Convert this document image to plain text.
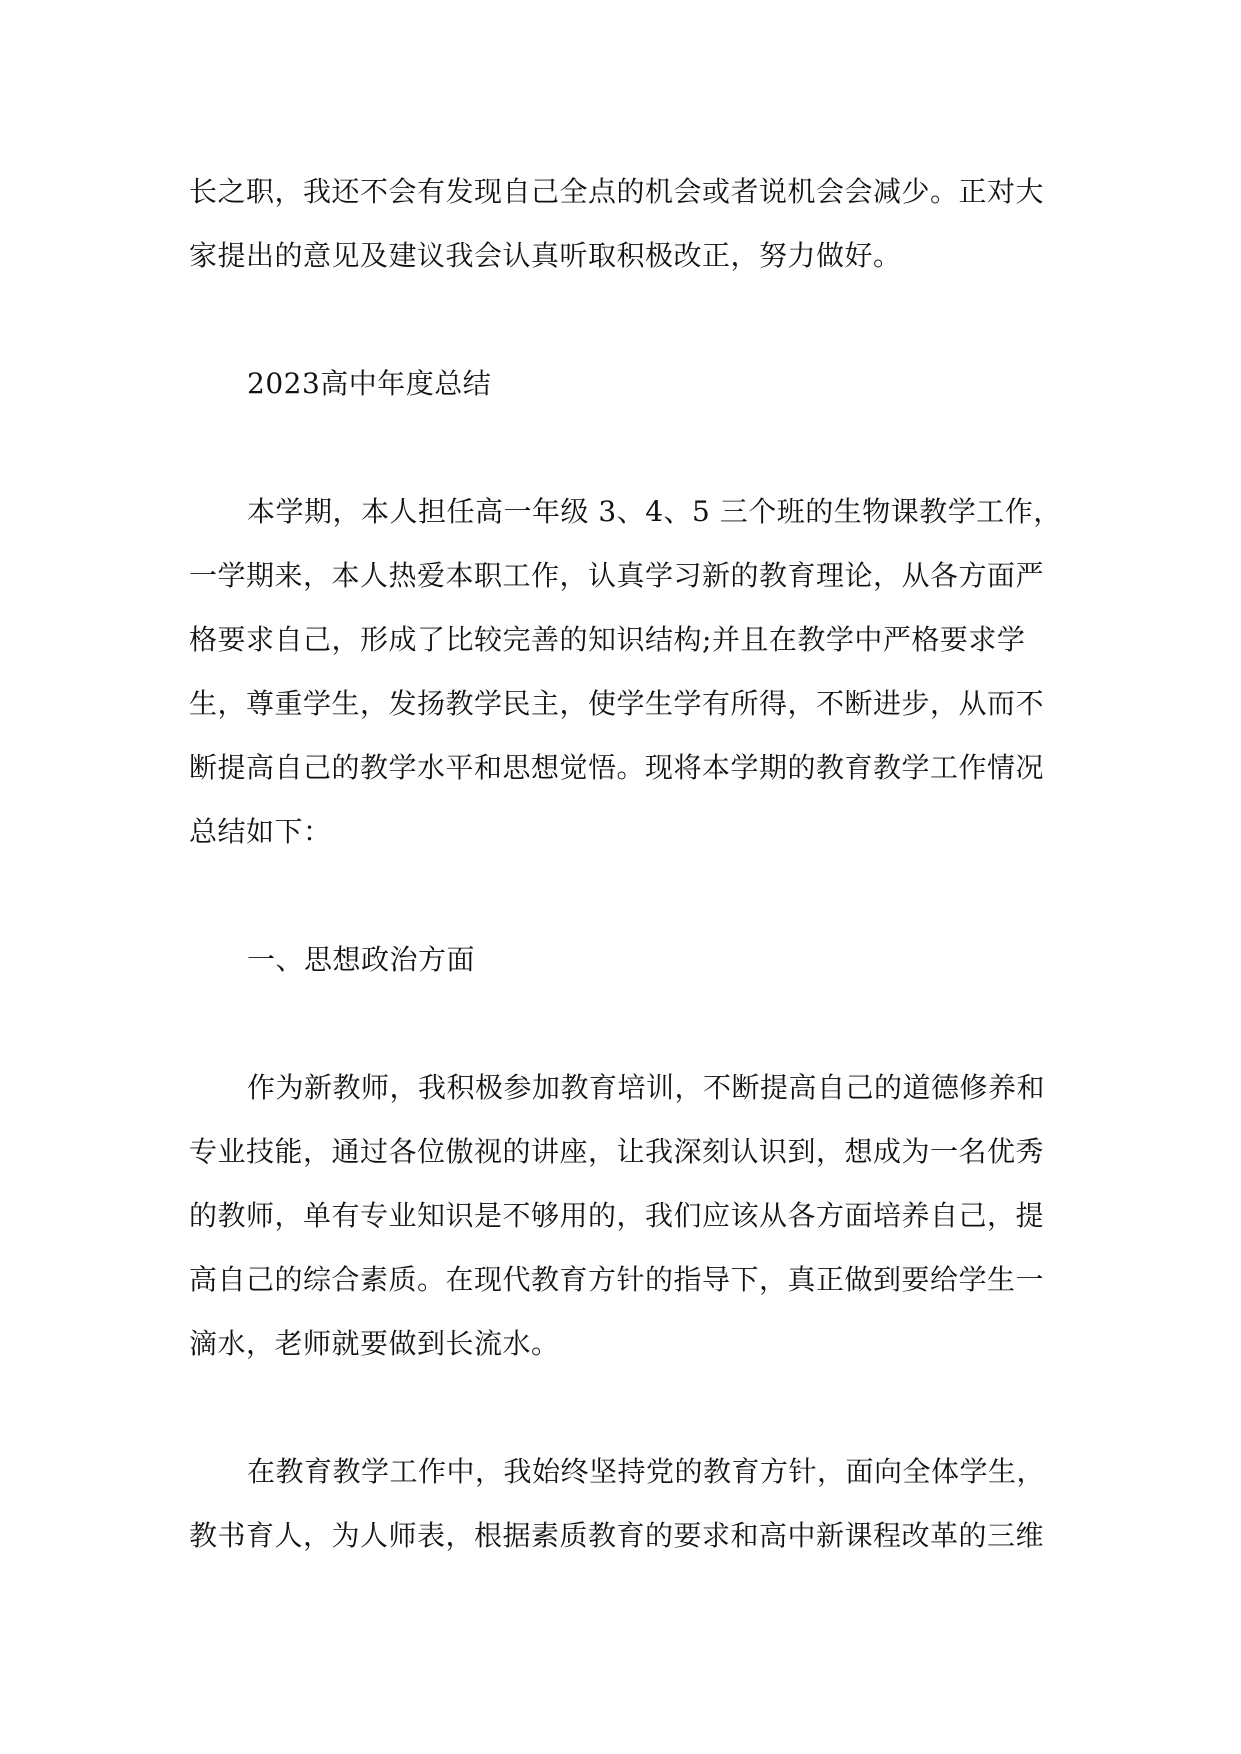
长之职，我还不会有发现自己全点的机会或者说机会会减少。正对大
家提出的意见及建议我会认真听取积极改正，努力做好。
2023高中年度总结
本学期，本人担任高一年级 3、4、5 三个班的生物课教学工作，
一学期来，本人热爱本职工作，认真学习新的教育理论，从各方面严
格要求自己，形成了比较完善的知识结构;并且在教学中严格要求学
生，尊重学生，发扬教学民主，使学生学有所得，不断进步，从而不
断提高自己的教学水平和思想觉悟。现将本学期的教育教学工作情况
总结如下：
一、思想政治方面
作为新教师，我积极参加教育培训，不断提高自己的道德修养和
专业技能，通过各位傲视的讲座，让我深刻认识到，想成为一名优秀
的教师，单有专业知识是不够用的，我们应该从各方面培养自己，提
高自己的综合素质。在现代教育方针的指导下，真正做到要给学生一
滴水，老师就要做到长流水。
在教育教学工作中，我始终坚持党的教育方针，面向全体学生，
教书育人，为人师表，根据素质教育的要求和高中新课程改革的三维
